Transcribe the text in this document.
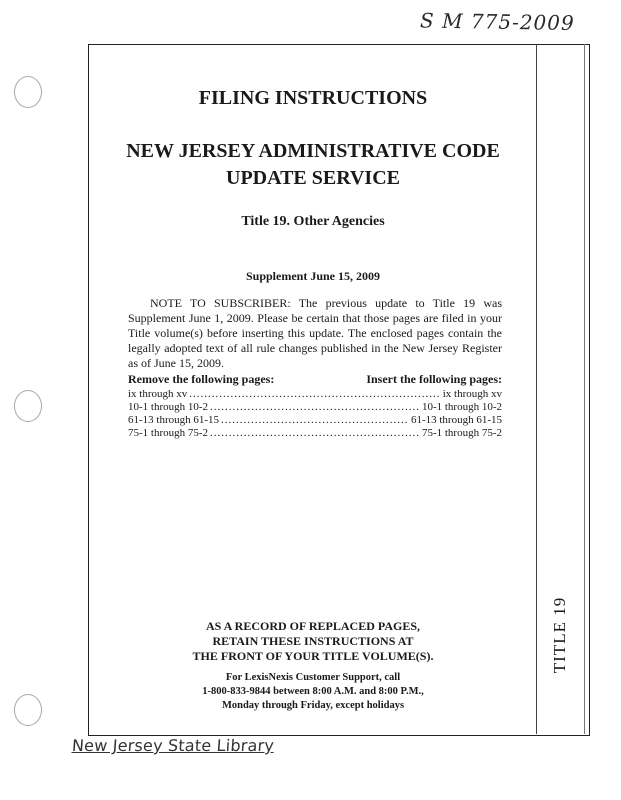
S M 775-2009
TITLE 19
FILING INSTRUCTIONS
NEW JERSEY ADMINISTRATIVE CODE
UPDATE SERVICE
Title 19. Other Agencies
Supplement June 15, 2009
NOTE TO SUBSCRIBER: The previous update to Title 19 was Supplement June 1, 2009. Please be certain that those pages are filed in your Title volume(s) before inserting this update. The enclosed pages contain the legally adopted text of all rule changes published in the New Jersey Register as of June 15, 2009.
Remove the following pages:	Insert the following pages:
ix through xv .....	ix through xv
10-1 through 10-2 .....	10-1 through 10-2
61-13 through 61-15 .....	61-13 through 61-15
75-1 through 75-2 .....	75-1 through 75-2
AS A RECORD OF REPLACED PAGES,
RETAIN THESE INSTRUCTIONS AT
THE FRONT OF YOUR TITLE VOLUME(S).
For LexisNexis Customer Support, call
1-800-833-9844 between 8:00 A.M. and 8:00 P.M.,
Monday through Friday, except holidays
New Jersey State Library
